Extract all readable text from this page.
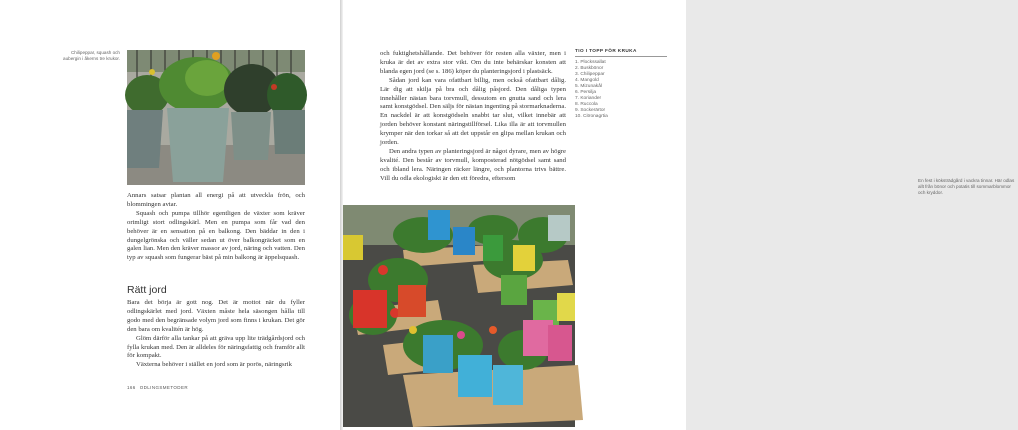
Chilipeppar, squash och aubergin i åkerns tre krukor.

Annars satsar plantan all energi på att utveckla frön, och blommingen avtar.

Squash och pumpa tillhör egentligen de växter som kräver orimligt stort odlingskärl. Men en pumpa som får vad den behöver är en sensation på en balkong. Den bäddar in den i dungelgrönska och väller sedan ut över balkongräcket som en galen lian. Men den kräver massor av jord, näring och vatten. Den typ av squash som fungerar bäst på min balkong är äppelsquash.

Rätt jord

Bara det börja är gott nog. Det är mottot när du fyller odlingskärlet med jord. Växten måste hela säsongen hålla till godo med den begränsade volym jord som finns i krukan. Det gör den bara om kvalitén är hög.

Glöm därför alla tankar på att gräva upp lite trädgårdsjord och fylla krukan med. Den är alldeles för näringsfattig och framför allt för kompakt.

Växterna behöver i stället en jord som är porös, näringsrik

166 ODLINGSMETODER

och fuktighetshållande. Det behöver för resten alla växter, men i kruka är det av extra stor vikt. Om du inte behärskar konsten att blanda egen jord (se s. 186) köper du planteringsjord i plastsäck.

Sådan jord kan vara ofattbart billig, men också ofattbart dålig. Lär dig att skilja på bra och dålig påsjord. Den dåliga typen innehåller nästan bara torvmull, dessutom en gnutta sand och lera samt konstgödsel. Den säljs för nästan ingenting på stormarknaderna. En nackdel är att konstgödseln snabbt tar slut, vilket innebär att jorden behöver konstant näringstillförsel. Lika illa är att torvmullen krymper när den torkar så att det uppstår en glipa mellan krukan och jorden.

Den andra typen av planteringsjord är något dyrare, men av högre kvalité. Den består av torvmull, komposterad nötgödsel samt sand och ibland lera. Näringen räcker längre, och plantorna trivs bättre. Vill du odla ekologiskt är den ett föredra, eftersom	En fest i köksträdgård i vackra tinnar. Här odlas allt från bönor och potatis till sommarblommor och kryddor.
TIO I TOPP FÖR KRUKA
1. Plockssallat
2. Buskbönor
3. Chilipeppar
4. Mangold
5. Mizunakål
6. Persilja
7. Koriander
8. Ruccola
9. Sockerärtor
10. Citronagrtia
